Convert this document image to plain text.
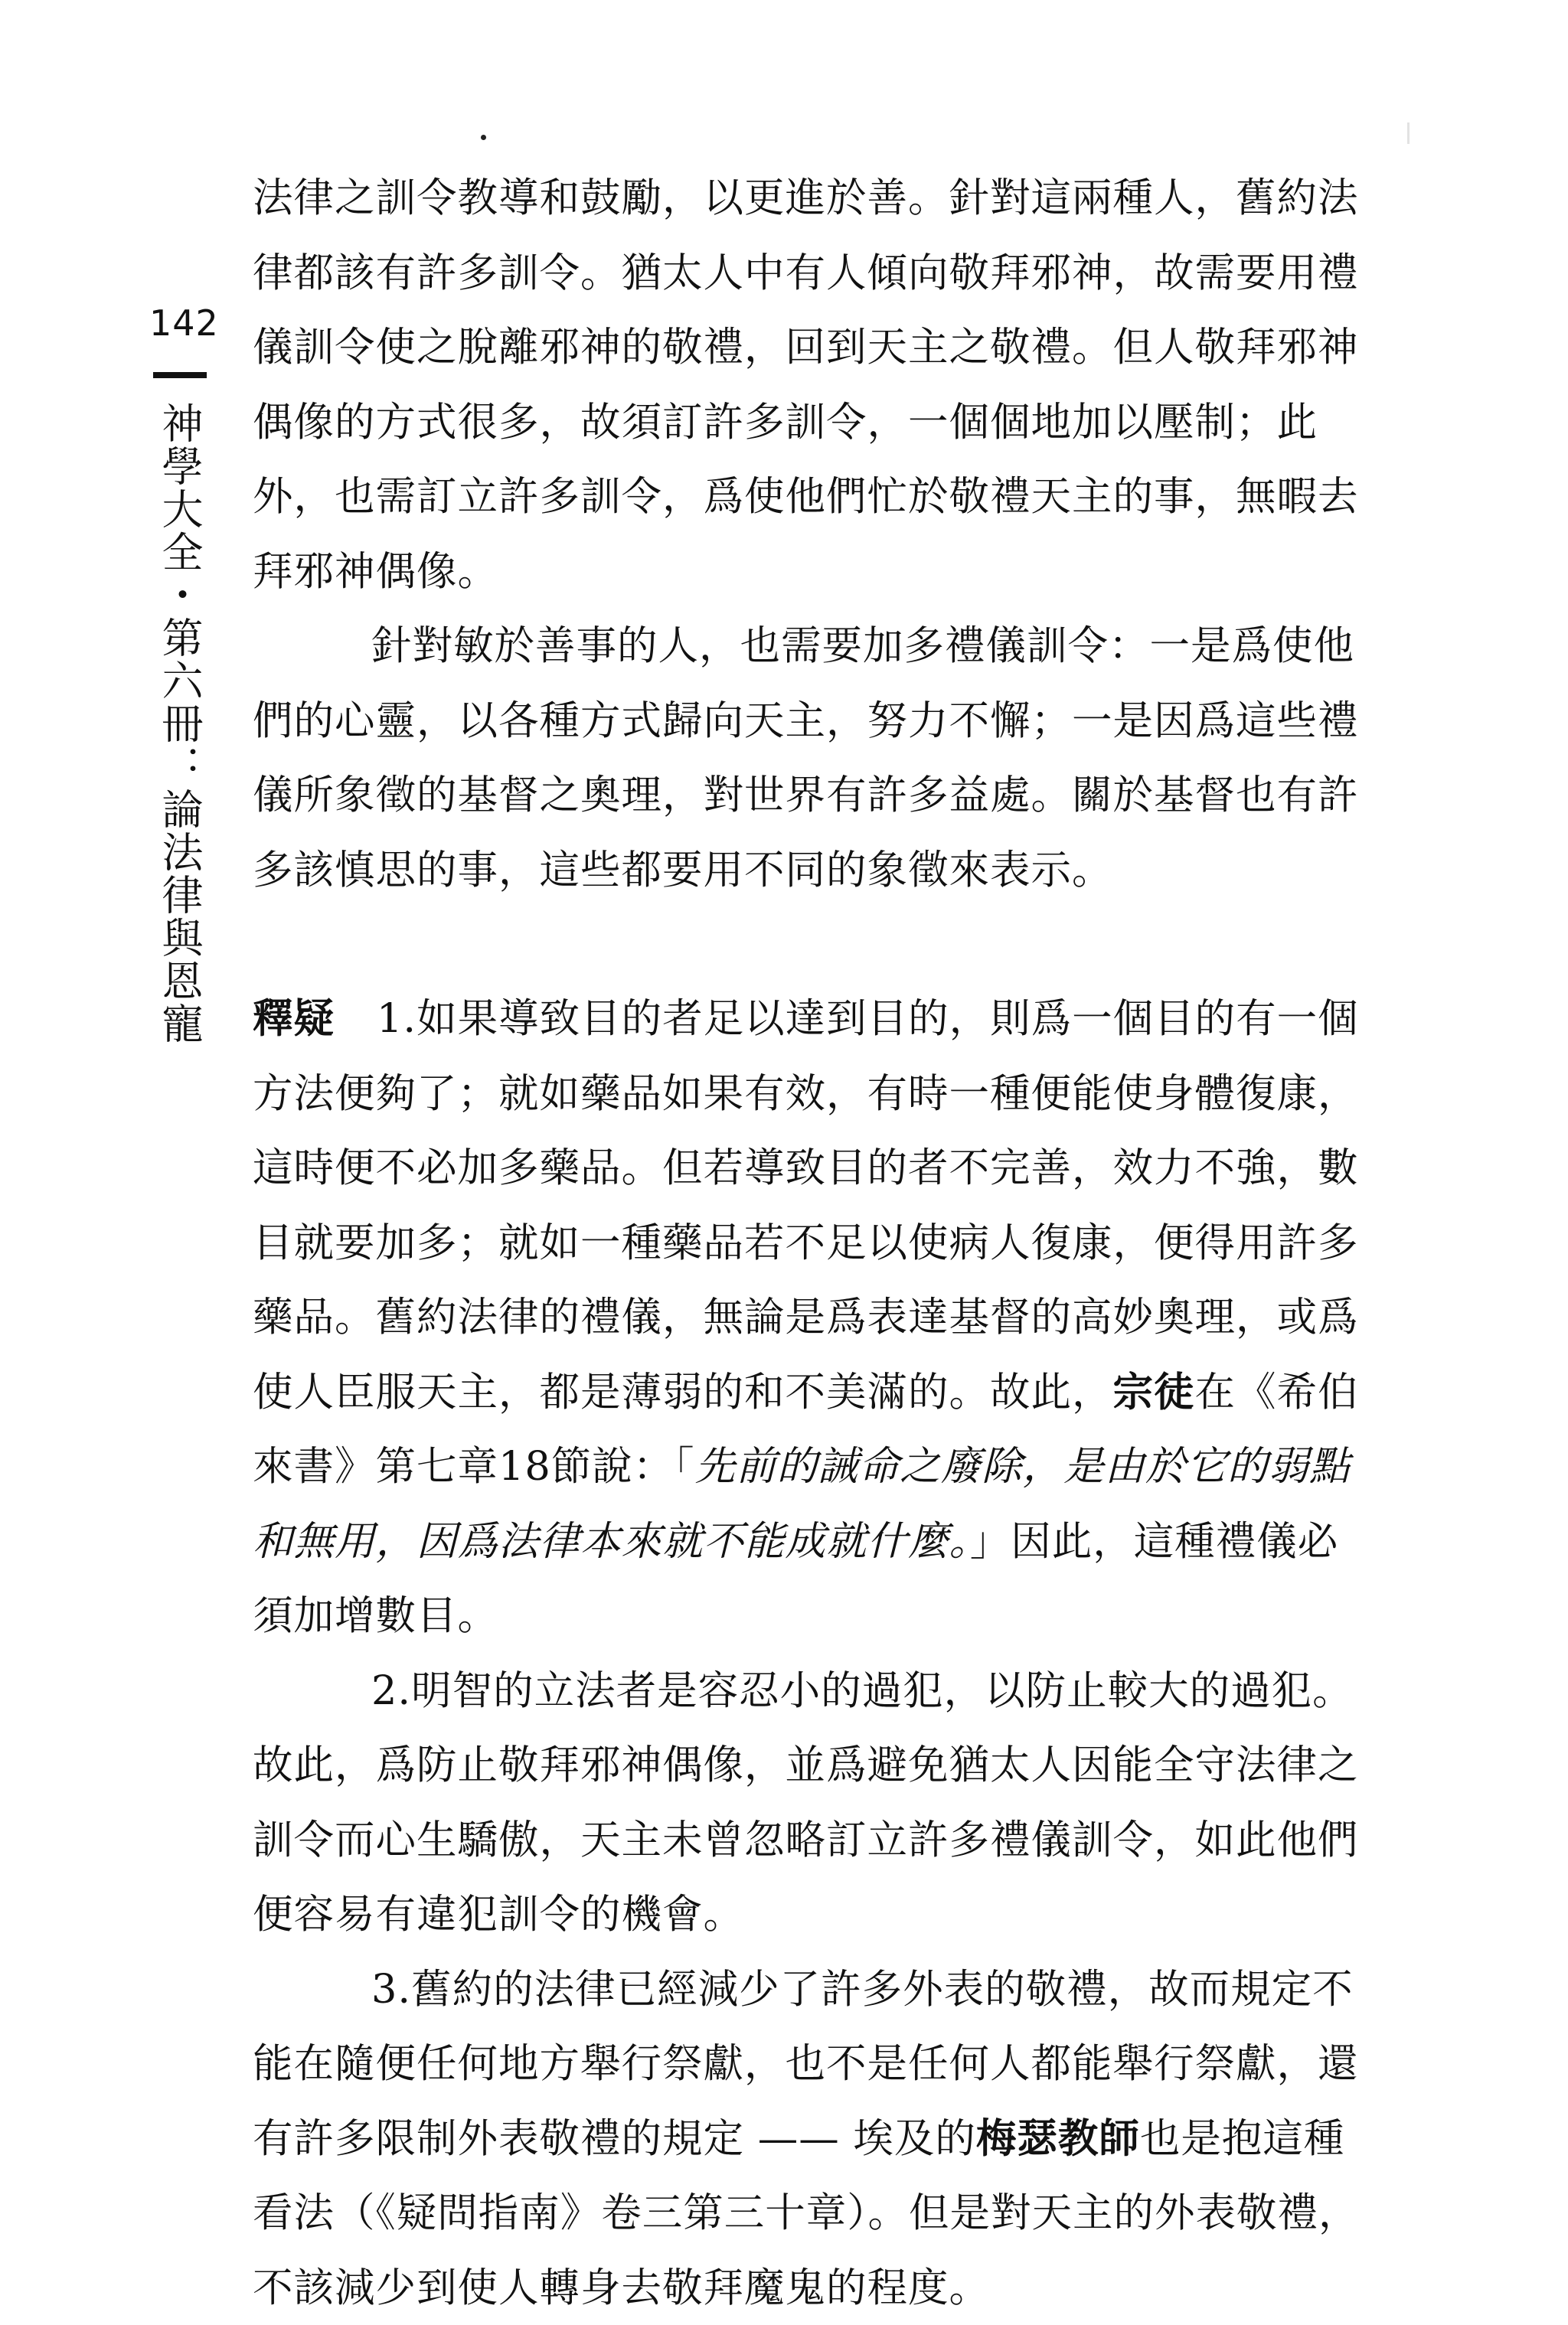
142
神學大全・第六冊：論法律與恩寵

法律之訓令教導和鼓勵，以更進於善。針對這兩種人，舊約法律都該有許多訓令。猶太人中有人傾向敬拜邪神，故需要用禮儀訓令使之脫離邪神的敬禮，回到天主之敬禮。但人敬拜邪神偶像的方式很多，故須訂許多訓令，一個個地加以壓制；此外，也需訂立許多訓令，爲使他們忙於敬禮天主的事，無暇去拜邪神偶像。

針對敏於善事的人，也需要加多禮儀訓令：一是爲使他們的心靈，以各種方式歸向天主，努力不懈；一是因爲這些禮儀所象徵的基督之奧理，對世界有許多益處。關於基督也有許多該慎思的事，這些都要用不同的象徵來表示。

釋疑 1.如果導致目的者足以達到目的，則爲一個目的有一個方法便夠了；就如藥品如果有效，有時一種便能使身體復康，這時便不必加多藥品。但若導致目的者不完善，效力不強，數目就要加多；就如一種藥品若不足以使病人復康，便得用許多藥品。舊約法律的禮儀，無論是爲表達基督的高妙奧理，或爲使人臣服天主，都是薄弱的和不美滿的。故此，宗徒在《希伯來書》第七章18節說：「先前的誡命之廢除，是由於它的弱點和無用，因爲法律本來就不能成就什麼。」因此，這種禮儀必須加增數目。

2.明智的立法者是容忍小的過犯，以防止較大的過犯。故此，爲防止敬拜邪神偶像，並爲避免猶太人因能全守法律之訓令而心生驕傲，天主未曾忽略訂立許多禮儀訓令，如此他們便容易有違犯訓令的機會。

3.舊約的法律已經減少了許多外表的敬禮，故而規定不能在隨便任何地方舉行祭獻，也不是任何人都能舉行祭獻，還有許多限制外表敬禮的規定 —— 埃及的梅瑟教師也是抱這種看法（《疑問指南》卷三第三十章）。但是對天主的外表敬禮，不該減少到使人轉身去敬拜魔鬼的程度。
